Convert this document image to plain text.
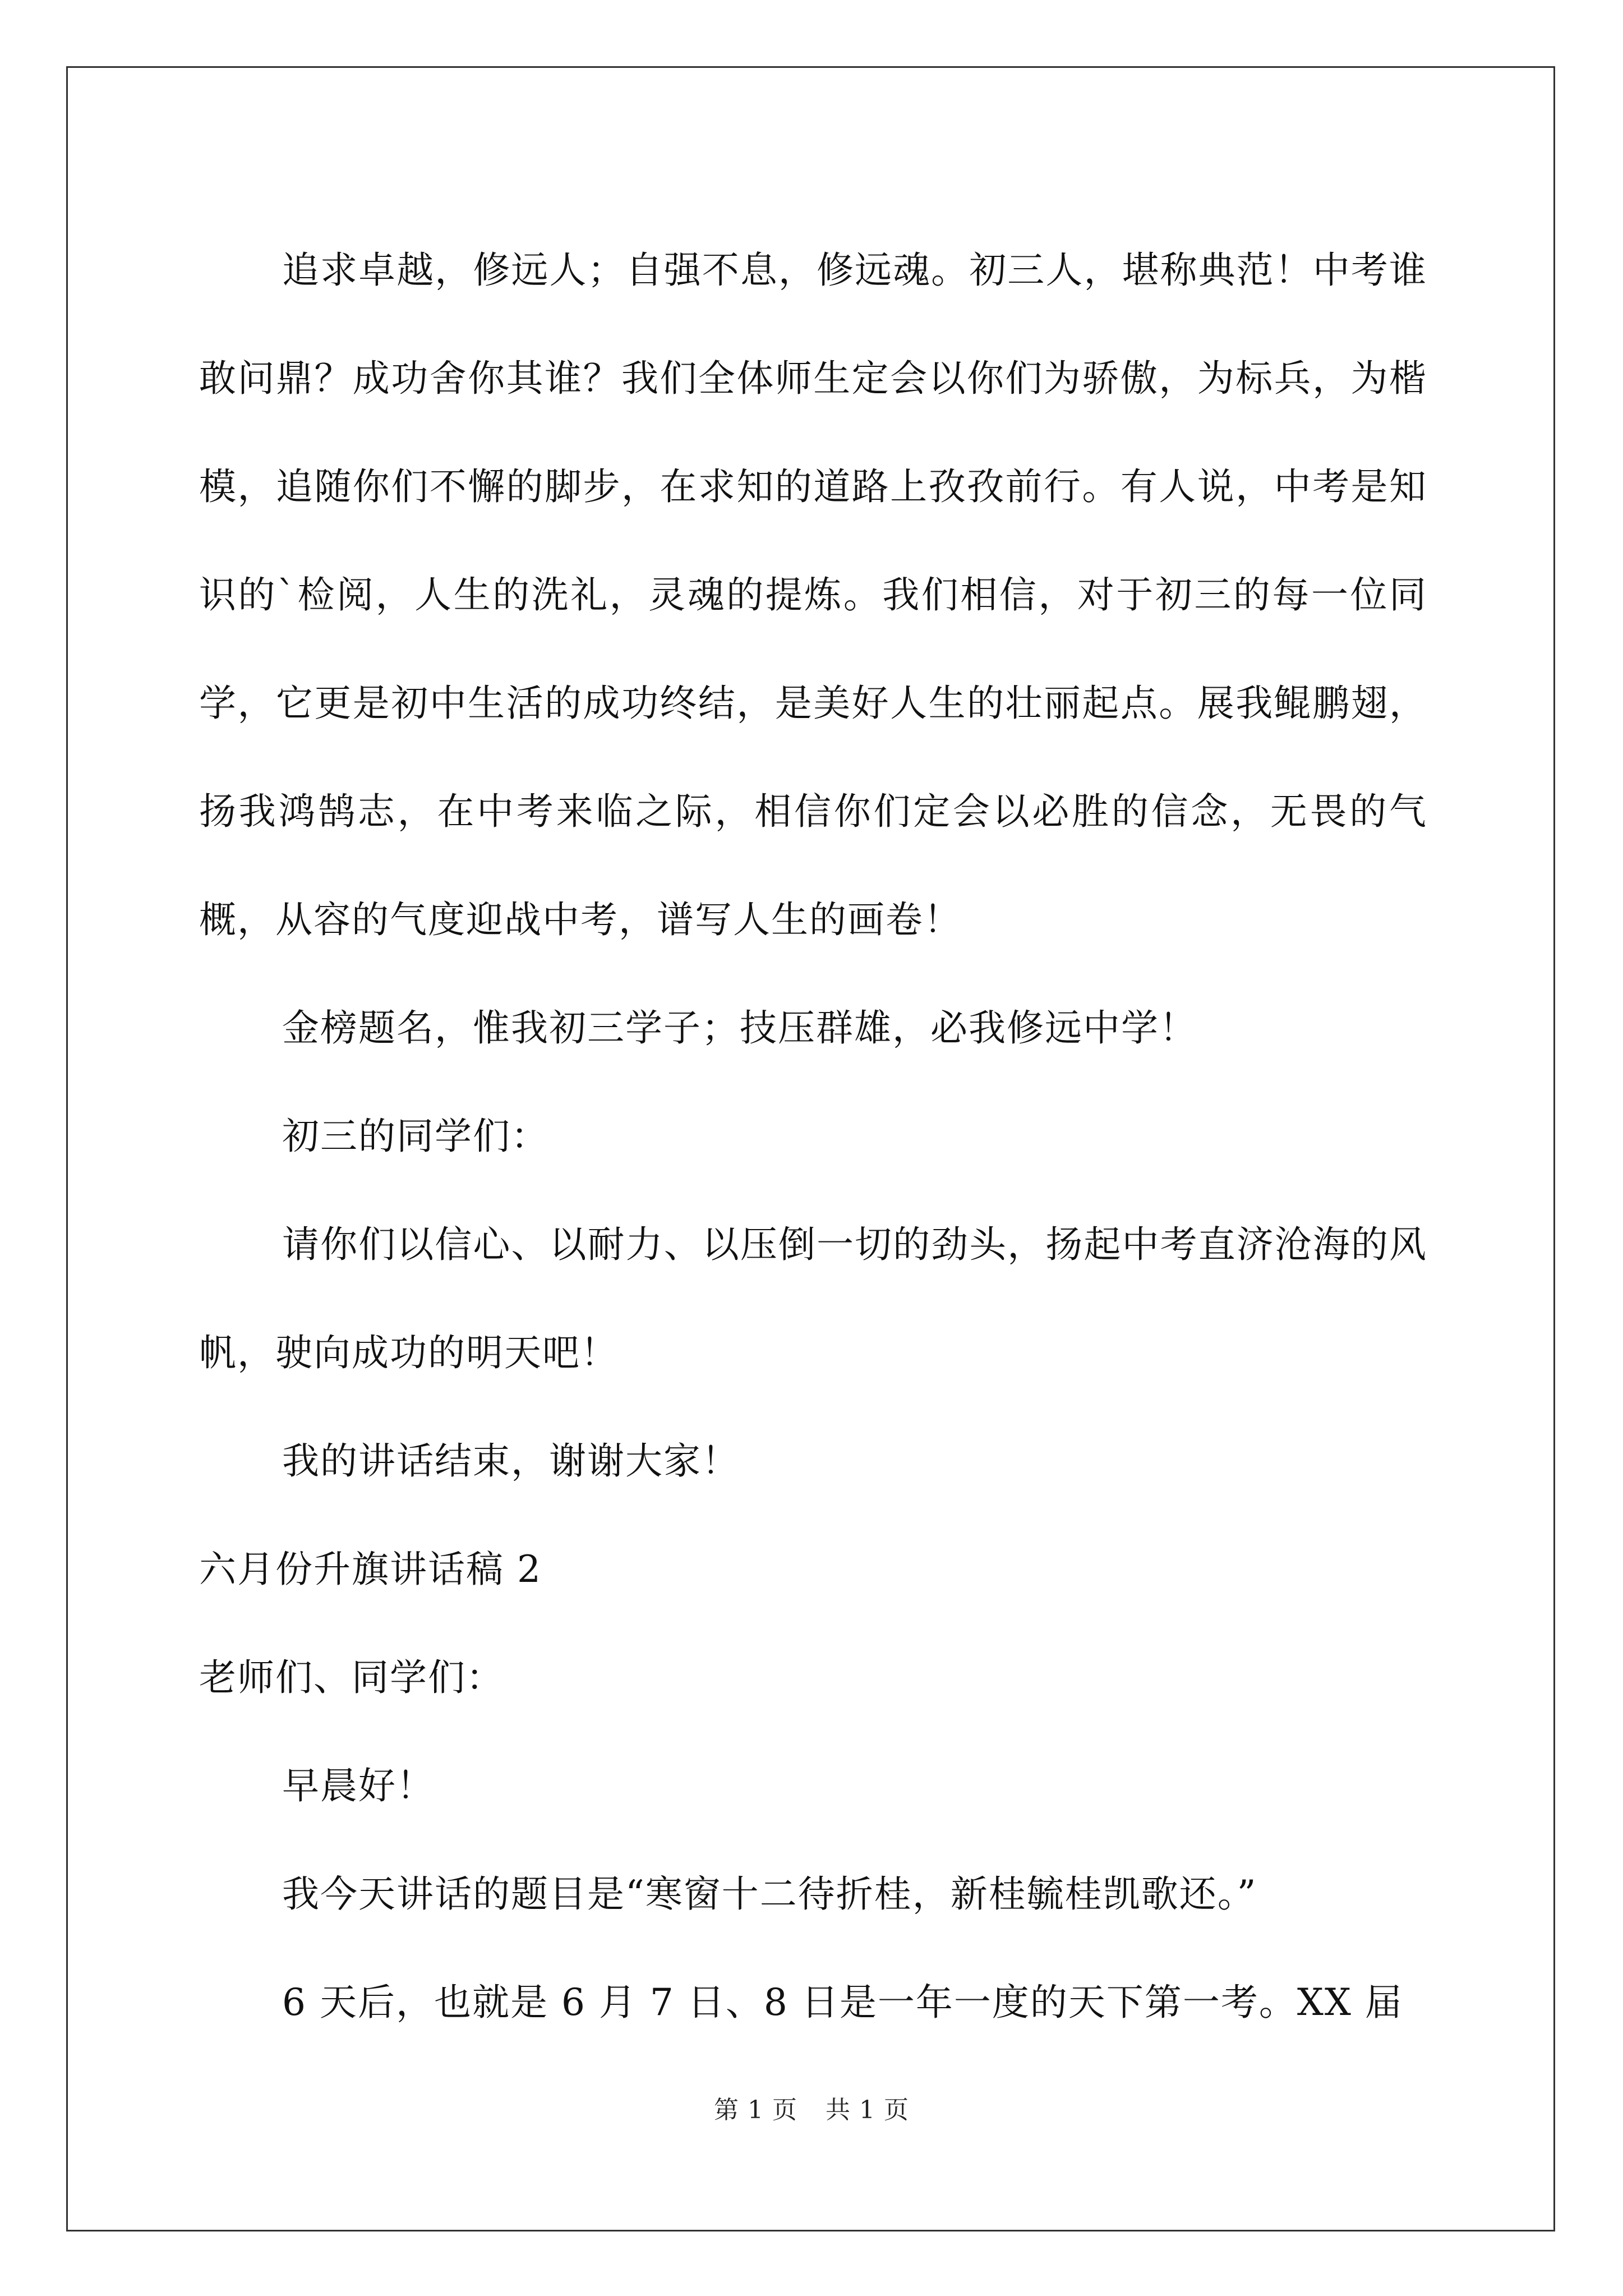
追求卓越，修远人；自强不息，修远魂。初三人，堪称典范！中考谁敢问鼎？成功舍你其谁？我们全体师生定会以你们为骄傲，为标兵，为楷模，追随你们不懈的脚步，在求知的道路上孜孜前行。有人说，中考是知识的`检阅，人生的洗礼，灵魂的提炼。我们相信，对于初三的每一位同学，它更是初中生活的成功终结，是美好人生的壮丽起点。展我鲲鹏翅，扬我鸿鹄志，在中考来临之际，相信你们定会以必胜的信念，无畏的气概，从容的气度迎战中考，谱写人生的画卷！

金榜题名，惟我初三学子；技压群雄，必我修远中学！

初三的同学们：

请你们以信心、以耐力、以压倒一切的劲头，扬起中考直济沧海的风帆，驶向成功的明天吧！

我的讲话结束，谢谢大家！

六月份升旗讲话稿 2

老师们、同学们：

早晨好！

我今天讲话的题目是“寒窗十二待折桂，新桂毓桂凯歌还。”

6 天后，也就是 6 月 7 日、8 日是一年一度的天下第一考。XX 届

第 1 页 共 1 页
